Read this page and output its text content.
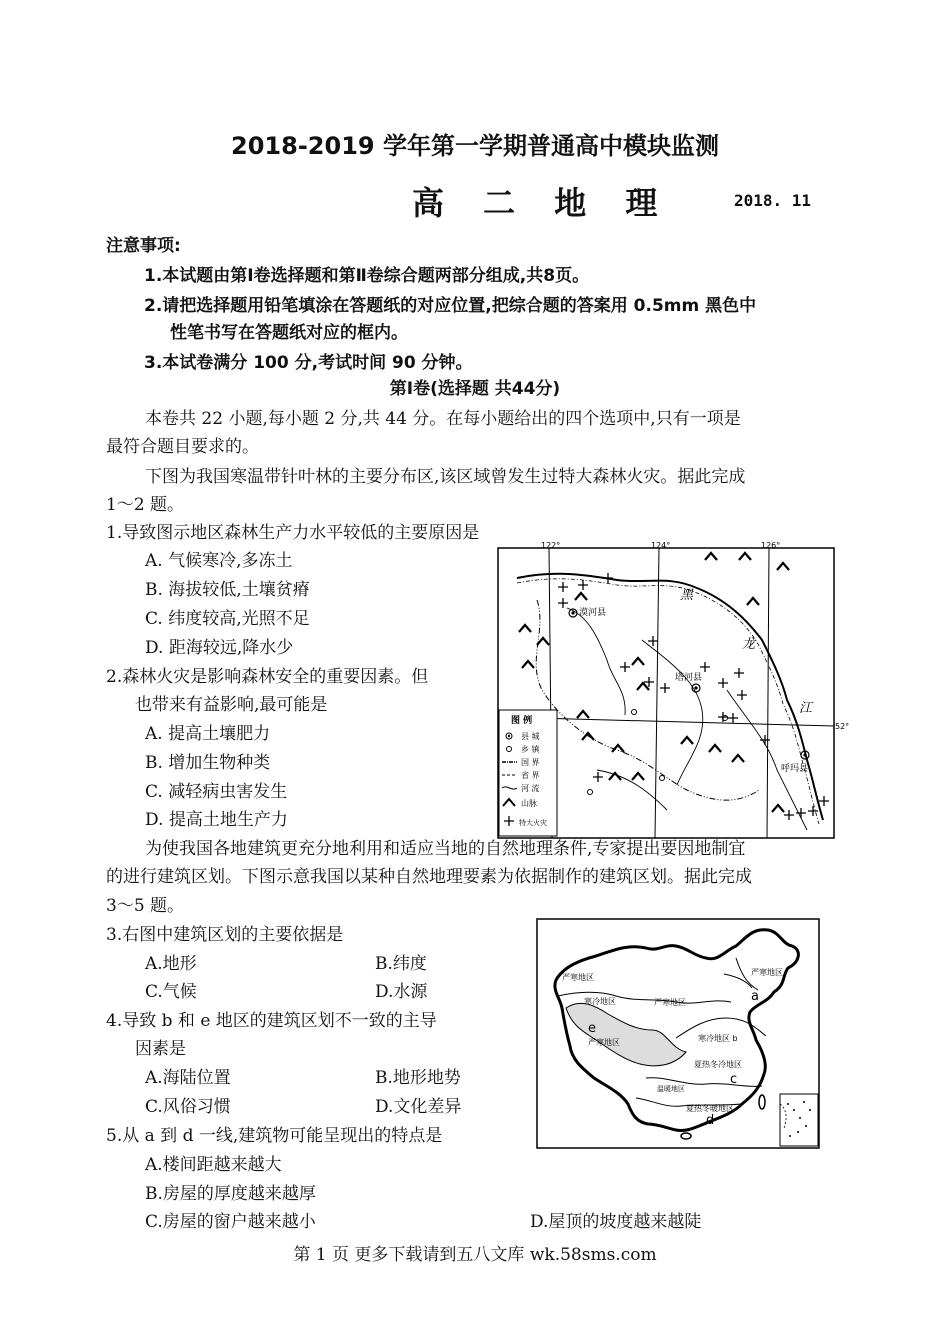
2018-2019 学年第一学期普通高中模块监测
高 二 地 理	2018. 11
注意事项:
1.本试题由第Ⅰ卷选择题和第Ⅱ卷综合题两部分组成,共8页。
2.请把选择题用铅笔填涂在答题纸的对应位置,把综合题的答案用 0.5mm 黑色中
性笔书写在答题纸对应的框内。
3.本试卷满分 100 分,考试时间 90 分钟。
第Ⅰ卷(选择题 共44分)
本卷共 22 小题,每小题 2 分,共 44 分。在每小题给出的四个选项中,只有一项是
最符合题目要求的。
下图为我国寒温带针叶林的主要分布区,该区域曾发生过特大森林火灾。据此完成
1～2 题。
1.导致图示地区森林生产力水平较低的主要原因是
A. 气候寒冷,多冻土
B. 海拔较低,土壤贫瘠
C. 纬度较高,光照不足
D. 距海较远,降水少
2.森林火灾是影响森林安全的重要因素。但
也带来有益影响,最可能是
A. 提高土壤肥力
B. 增加生物种类
C. 减轻病虫害发生
D. 提高土地生产力
为使我国各地建筑更充分地利用和适应当地的自然地理条件,专家提出要因地制宜
的进行建筑区划。下图示意我国以某种自然地理要素为依据制作的建筑区划。据此完成
3～5 题。
3.右图中建筑区划的主要依据是
A.地形	B.纬度
C.气候	D.水源
4.导致 b 和 e 地区的建筑区划不一致的主导
因素是
A.海陆位置	B.地形地势
C.风俗习惯	D.文化差异
5.从 a 到 d 一线,建筑物可能呈现出的特点是
A.楼间距越来越大
B.房屋的厚度越来越厚
C.房屋的窗户越来越小	D.屋顶的坡度越来越陡
122°	124°	126°
52°
漠河县
塔河县
呼玛县
黑
龙
江
图 例
县 城
乡 镇
国 界
省 界
河 流
山脉
特大火灾
严寒地区
严寒地区
寒冷地区	严寒地区
严寒地区	寒冷地区 b
夏热冬冷地区
温暖地区
夏热冬暖地区
a
e
c
d
第 1 页 更多下载请到五八文库 wk.58sms.com
